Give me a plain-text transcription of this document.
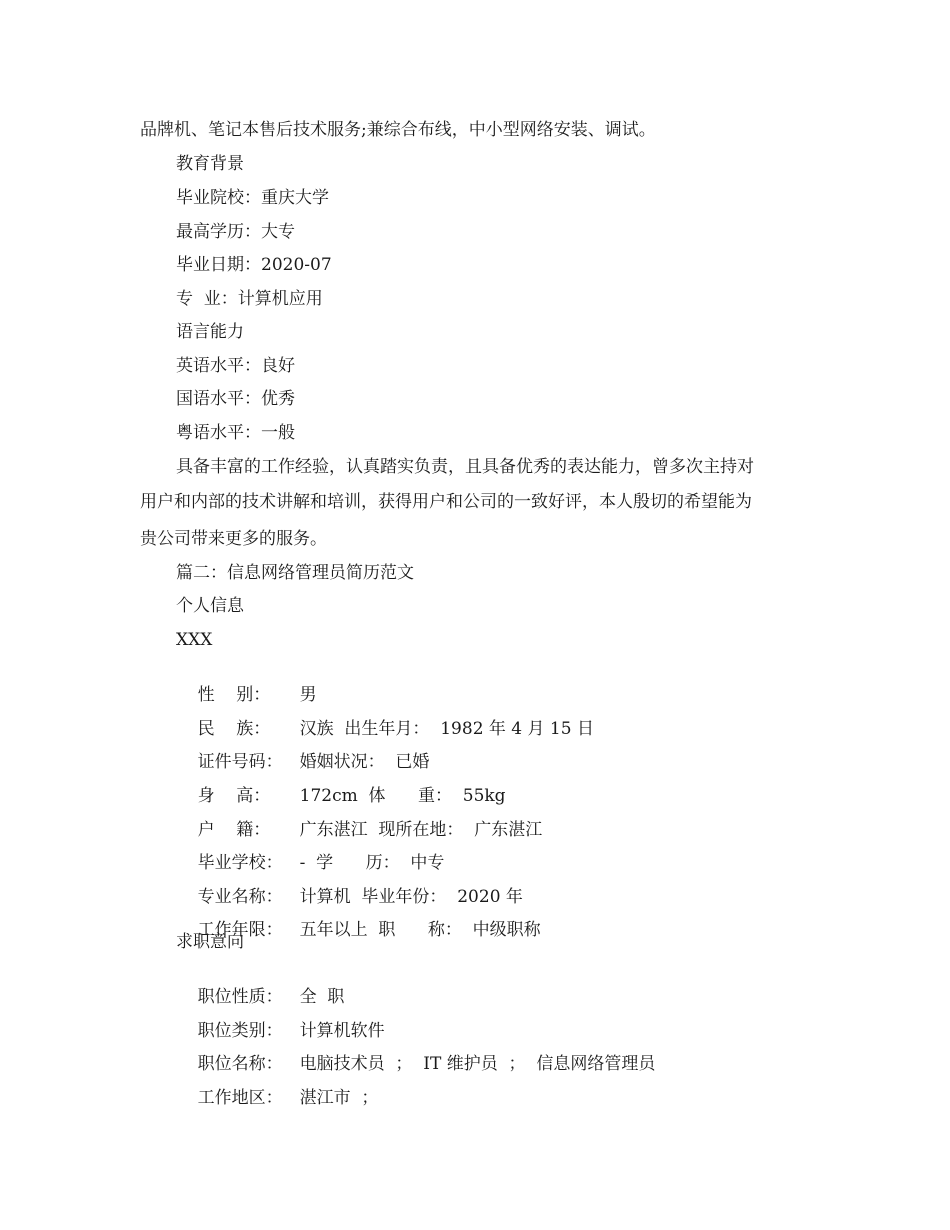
品牌机、笔记本售后技术服务;兼综合布线，中小型网络安装、调试。
教育背景
毕业院校：重庆大学
最高学历：大专
毕业日期：2020-07
专  业：计算机应用
语言能力
英语水平：良好
国语水平：优秀
粤语水平：一般
具备丰富的工作经验，认真踏实负责，且具备优秀的表达能力，曾多次主持对
用户和内部的技术讲解和培训，获得用户和公司的一致好评，本人殷切的希望能为
贵公司带来更多的服务。
篇二：信息网络管理员简历范文
个人信息
XXX

性    别： 男

民    族： 汉族  出生年月：  1982 年 4 月 15 日

证件号码： 婚姻状况：  已婚

身    高： 172cm  体      重：  55kg

户    籍： 广东湛江  现所在地：  广东湛江

毕业学校： -  学      历：  中专

专业名称： 计算机  毕业年份：  2020 年

工作年限： 五年以上  职      称：  中级职称

求职意向

职位性质： 全  职

职位类别： 计算机软件

职位名称： 电脑技术员  ；  IT 维护员  ；  信息网络管理员

工作地区： 湛江市  ；
